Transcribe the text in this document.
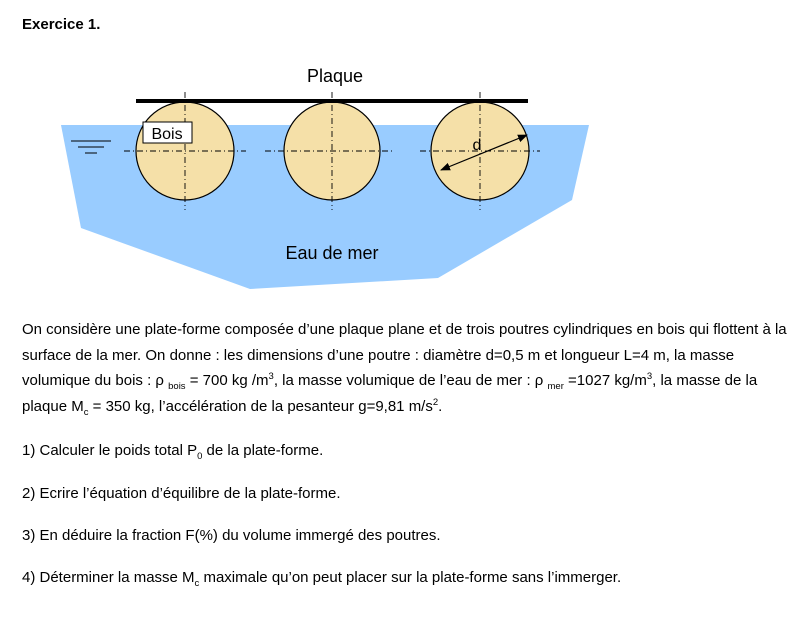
Exercice 1.
Plaque
Bois
d
Eau de mer
On considère une plate-forme composée d’une plaque plane et de trois poutres cylindriques en bois qui flottent à la surface de la mer. On donne : les dimensions d’une poutre : diamètre d=0,5 m et longueur L=4 m, la masse volumique du bois : ρ $_{bois}$ = 700 kg $/m^3$, la masse volumique de l’eau de mer : ρ $_{mer}$ =1027 $kg/m^3$, la masse de la plaque $M_c = 350$ kg, l’accélération de la pesanteur g=9,81 $m/s^2$.
1) Calculer le poids total $P_0$ de la plate-forme.
2) Ecrire l’équation d’équilibre de la plate-forme.
3) En déduire la fraction F(%) du volume immergé des poutres.
4) Déterminer la masse $M_c$ maximale qu’on peut placer sur la plate-forme sans l’immerger.
